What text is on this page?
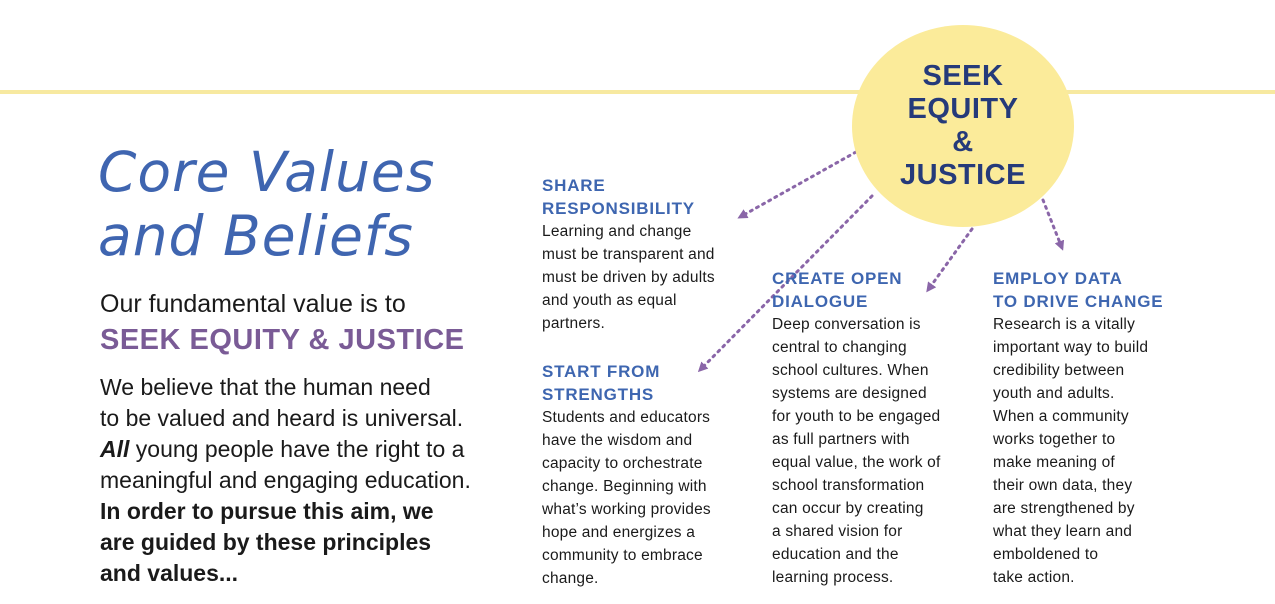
SEEK
EQUITY
&
JUSTICE
Core Values
and Beliefs
Our fundamental value is to
SEEK EQUITY & JUSTICE
We believe that the human need
to be valued and heard is universal.
All young people have the right to a
meaningful and engaging education.
In order to pursue this aim, we
are guided by these principles
and values...
SHARE
RESPONSIBILITY
Learning and change
must be transparent and
must be driven by adults
and youth as equal
partners.
START FROM
STRENGTHS
Students and educators
have the wisdom and
capacity to orchestrate
change. Beginning with
what’s working provides
hope and energizes a
community to embrace
change.
CREATE OPEN
DIALOGUE
Deep conversation is
central to changing
school cultures. When
systems are designed
for youth to be engaged
as full partners with
equal value, the work of
school transformation
can occur by creating
a shared vision for
education and the
learning process.
EMPLOY DATA
TO DRIVE CHANGE
Research is a vitally
important way to build
credibility between
youth and adults.
When a community
works together to
make meaning of
their own data, they
are strengthened by
what they learn and
emboldened to
take action.
